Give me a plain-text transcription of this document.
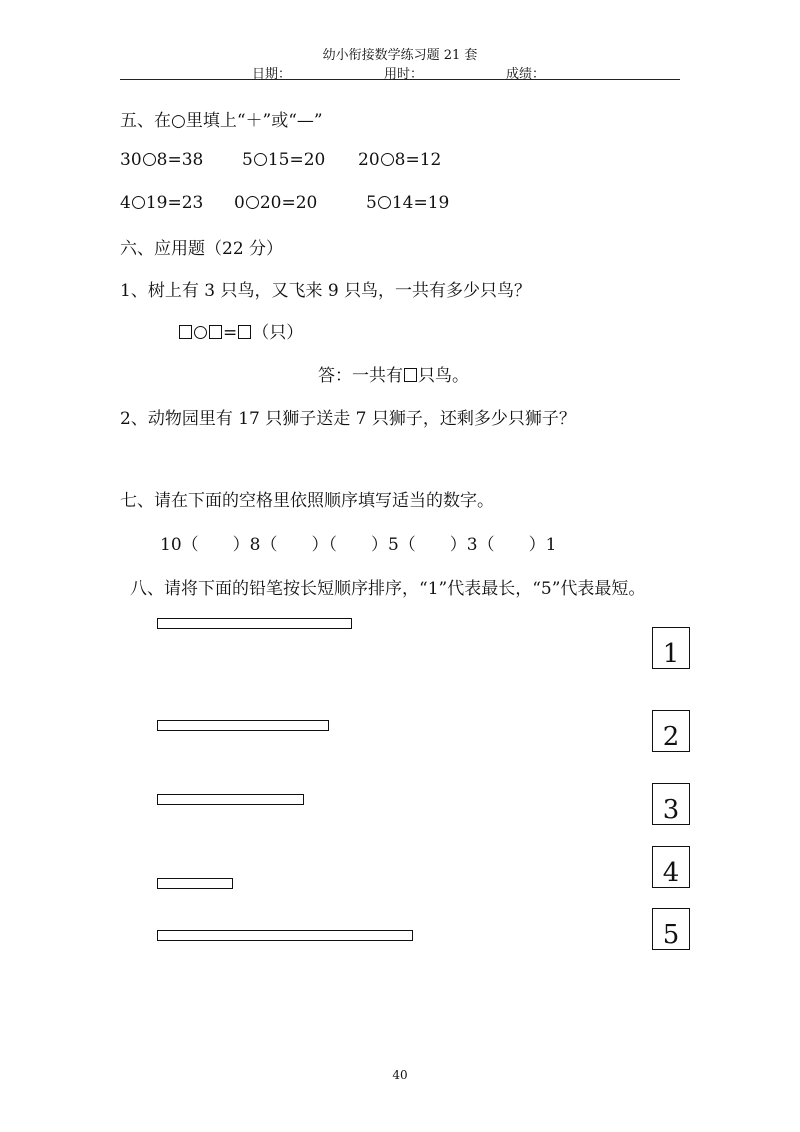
幼小衔接数学练习题 21 套
日期：	用时：	成绩：
五、在○里填上“＋”或“—”
30 8=38 5 15=20 20 8=12
4 19=23 0 20=20	5 14=19
六、应用题（22 分）
1、树上有 3 只鸟，又飞来 9 只鸟，一共有多少只鸟？
= （只）
答：一共有 只鸟。
2、动物园里有 17 只狮子送走 7 只狮子，还剩多少只狮子？
七、请在下面的空格里依照顺序填写适当的数字。
10（　　）8（　　）（　　）5（　　）3（　　）1
八、请将下面的铅笔按长短顺序排序，“1”代表最长，“5”代表最短。
1
2
3
4
5
40
